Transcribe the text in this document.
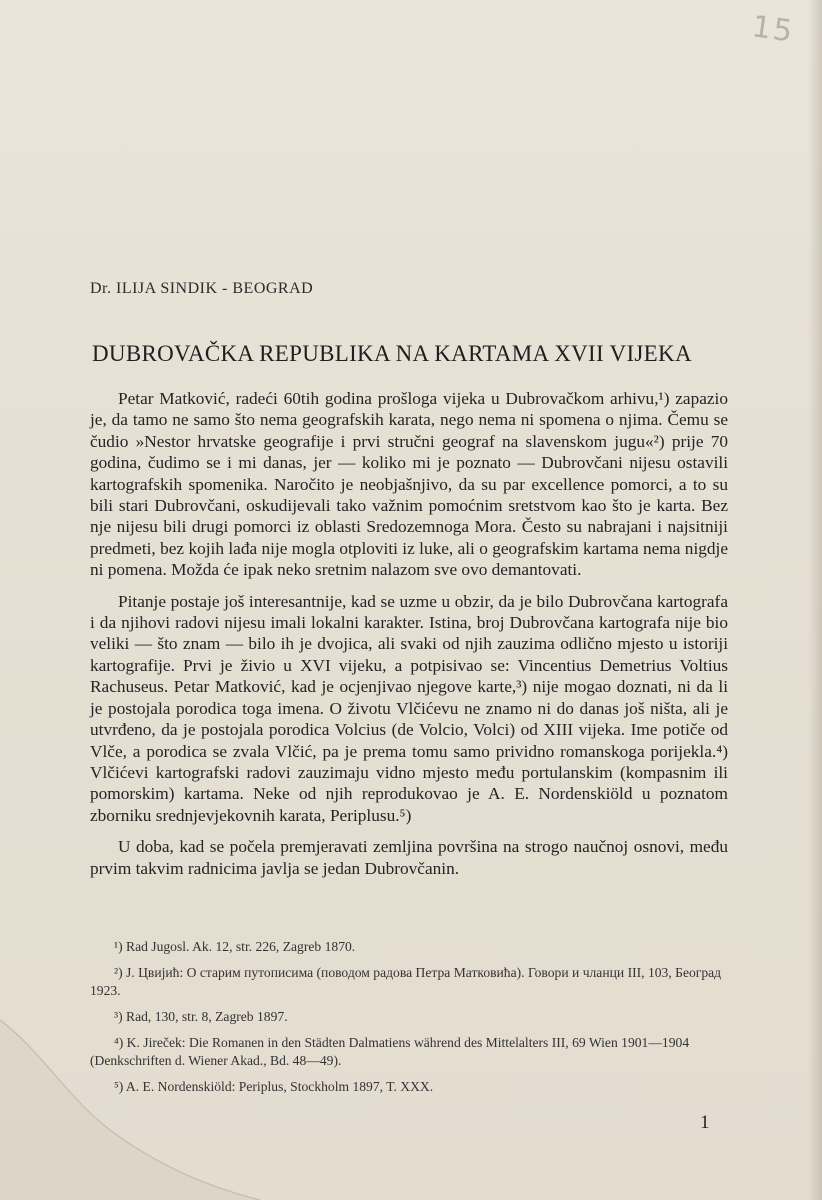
15
Dr. ILIJA SINDIK - BEOGRAD
DUBROVAČKA REPUBLIKA NA KARTAMA XVII VIJEKA

Petar Matković, radeći 60tih godina prošloga vijeka u Dubrovačkom arhivu,¹) zapazio je, da tamo ne samo što nema geografskih karata, nego nema ni spomena o njima. Čemu se čudio »Nestor hrvatske geografije i prvi stručni geograf na slavenskom jugu«²) prije 70 godina, čudimo se i mi danas, jer — koliko mi je poznato — Dubrovčani nijesu ostavili kartografskih spomenika. Naročito je neobjašnjivo, da su par excellence pomorci, a to su bili stari Dubrovčani, oskudijevali tako važnim pomoćnim sretstvom kao što je karta. Bez nje nijesu bili drugi pomorci iz oblasti Sredozemnoga Mora. Često su nabrajani i najsitniji predmeti, bez kojih lađa nije mogla otploviti iz luke, ali o geografskim kartama nema nigdje ni pomena. Možda će ipak neko sretnim nalazom sve ovo demantovati.

Pitanje postaje još interesantnije, kad se uzme u obzir, da je bilo Dubrovčana kartografa i da njihovi radovi nijesu imali lokalni karakter. Istina, broj Dubrovčana kartografa nije bio veliki — što znam — bilo ih je dvojica, ali svaki od njih zauzima odlično mjesto u istoriji kartografije. Prvi je živio u XVI vijeku, a potpisivao se: Vincentius Demetrius Voltius Rachuseus. Petar Matković, kad je ocjenjivao njegove karte,³) nije mogao doznati, ni da li je postojala porodica toga imena. O životu Vlčićevu ne znamo ni do danas još ništa, ali je utvrđeno, da je postojala porodica Volcius (de Volcio, Volci) od XIII vijeka. Ime potiče od Vlče, a porodica se zvala Vlčić, pa je prema tomu samo prividno romanskoga porijekla.⁴) Vlčićevi kartografski radovi zauzimaju vidno mjesto među portulanskim (kompasnim ili pomorskim) kartama. Neke od njih reprodukovao je A. E. Nordenskiöld u poznatom zborniku srednjevjekovnih karata, Periplusu.⁵)

U doba, kad se počela premjeravati zemljina površina na strogo naučnoj osnovi, među prvim takvim radnicima javlja se jedan Dubrovčanin.

¹) Rad Jugosl. Ak. 12, str. 226, Zagreb 1870.
²) J. Цвијић: О старим путописима (поводом радова Петра Матковића). Говори и чланци III, 103, Београд 1923.
³) Rad, 130, str. 8, Zagreb 1897.
⁴) K. Jireček: Die Romanen in den Städten Dalmatiens während des Mittelalters III, 69 Wien 1901—1904 (Denkschriften d. Wiener Akad., Bd. 48—49).
⁵) A. E. Nordenskiöld: Periplus, Stockholm 1897, T. XXX.
1
